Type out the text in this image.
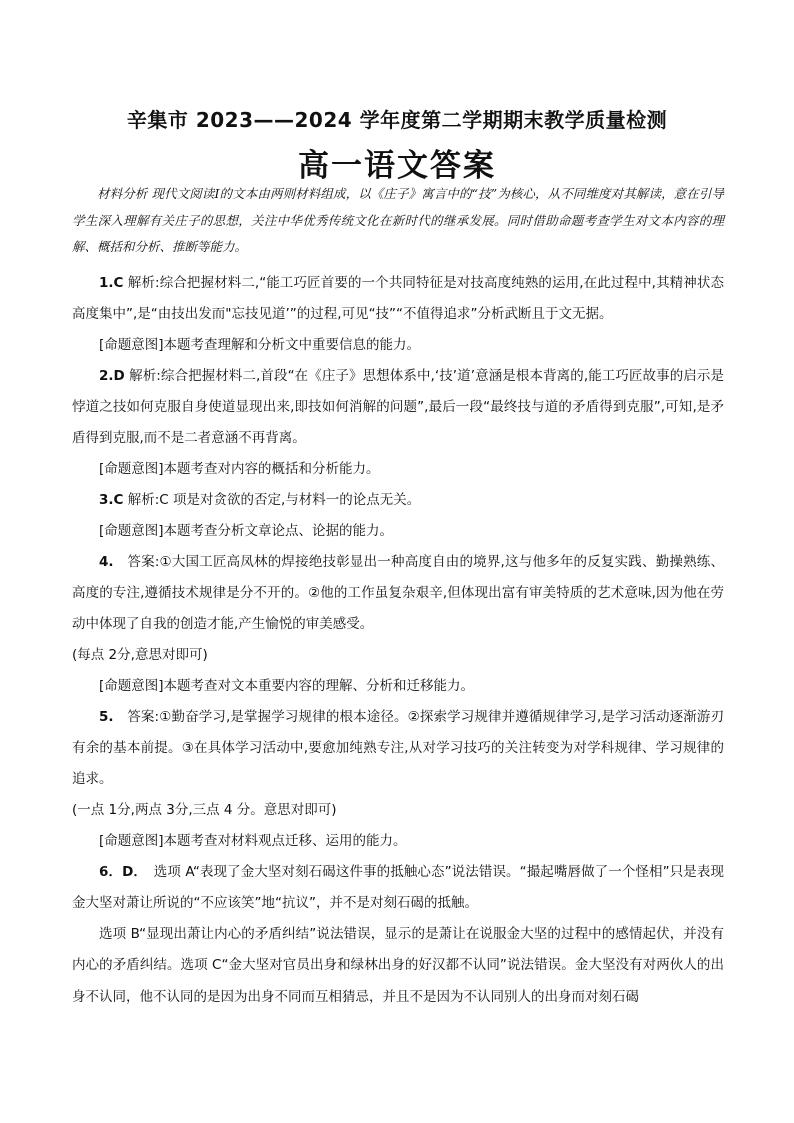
辛集市 2023——2024 学年度第二学期期末教学质量检测
高一语文答案

材料分析 现代文阅读Ⅰ的文本由两则材料组成，以《庄子》寓言中的“技”为核心，从不同维度对其解读，意在引导学生深入理解有关庄子的思想，关注中华优秀传统文化在新时代的继承发展。同时借助命题考查学生对文本内容的理解、概括和分析、推断等能力。

1.C 解析:综合把握材料二,“能工巧匠首要的一个共同特征是对技高度纯熟的运用,在此过程中,其精神状态高度集中”,是“由技出发而"忘技见道’”的过程,可见“技”“不值得追求”分析武断且于文无据。

[命题意图]本题考查理解和分析文中重要信息的能力。

2.D 解析:综合把握材料二,首段“在《庄子》思想体系中,‘技’道’意涵是根本背离的,能工巧匠故事的启示是悖道之技如何克服自身使道显现出来,即技如何消解的问题”,最后一段“最终技与道的矛盾得到克服”,可知,是矛盾得到克服,而不是二者意涵不再背离。

[命题意图]本题考查对内容的概括和分析能力。

3.C 解析:C 项是对贪欲的否定,与材料一的论点无关。

[命题意图]本题考查分析文章论点、论据的能力。

4.　答案:①大国工匠高凤林的焊接绝技彰显出一种高度自由的境界,这与他多年的反复实践、勤操熟练、高度的专注,遵循技术规律是分不开的。②他的工作虽复杂艰辛,但体现出富有审美特质的艺术意味,因为他在劳动中体现了自我的创造才能,产生愉悦的审美感受。

(每点 2分,意思对即可)

[命题意图]本题考查对文本重要内容的理解、分析和迁移能力。

5.　答案:①勤奋学习,是掌握学习规律的根本途径。②探索学习规律并遵循规律学习,是学习活动逐渐游刃有余的基本前提。③在具体学习活动中,要愈加纯熟专注,从对学习技巧的关注转变为对学科规律、学习规律的追求。

(一点 1分,两点 3分,三点 4 分。意思对即可)

[命题意图]本题考查对材料观点迁移、运用的能力。

6．D．　选项 A“表现了金大坚对刻石碣这件事的抵触心态”说法错误。“撮起嘴唇做了一个怪相”只是表现金大坚对萧让所说的“不应该笑”地“抗议”，并不是对刻石碣的抵触。

选项 B“显现出萧让内心的矛盾纠结”说法错误，显示的是萧让在说服金大坚的过程中的感情起伏，并没有内心的矛盾纠结。选项 C“金大坚对官员出身和绿林出身的好汉都不认同”说法错误。金大坚没有对两伙人的出身不认同，他不认同的是因为出身不同而互相猜忌，并且不是因为不认同别人的出身而对刻石碣
